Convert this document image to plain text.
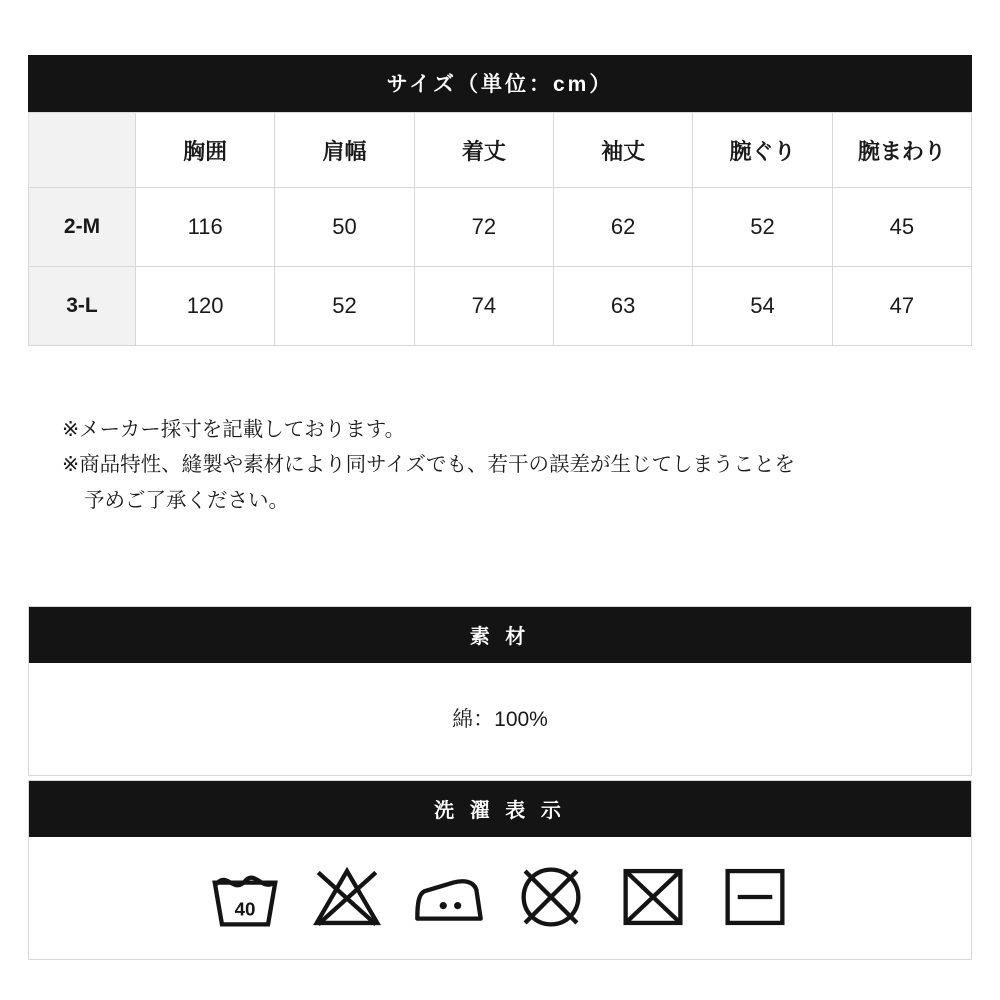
サイズ（単位：cm）
	胸囲	肩幅	着丈	袖丈	腕ぐり	腕まわり
2-M	116	50	72	62	52	45
3-L	120	52	74	63	54	47

※メーカー採寸を記載しております。

※商品特性、縫製や素材により同サイズでも、若干の誤差が生じてしまうことを

予めご了承ください。

素 材
綿：100%
洗 濯 表 示
40
